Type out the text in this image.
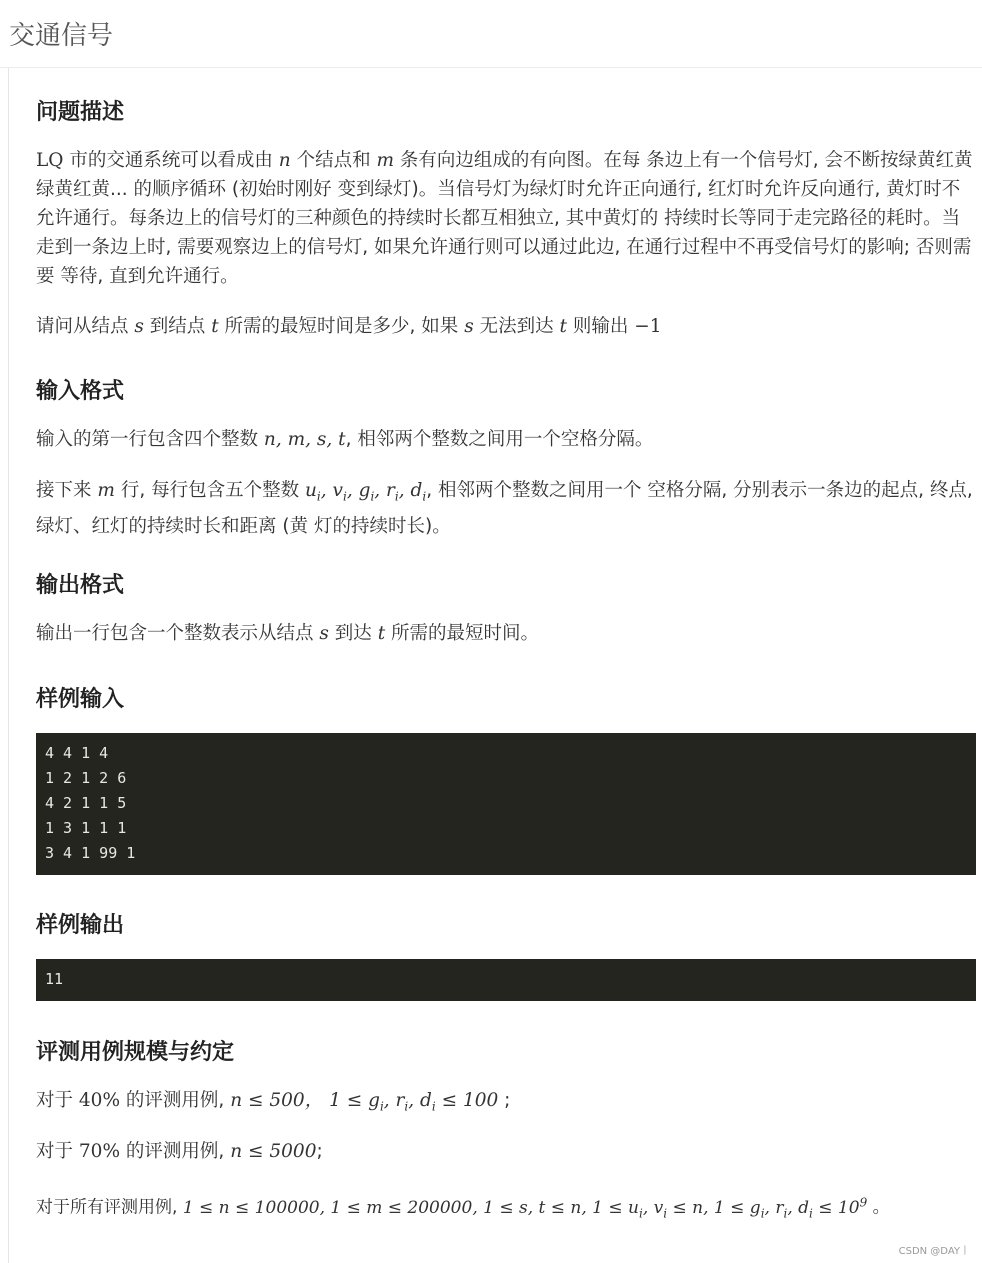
交通信号
问题描述

LQ 市的交通系统可以看成由 n 个结点和 m 条有向边组成的有向图。在每 条边上有一个信号灯, 会不断按绿黄红黄绿黄红黄... 的顺序循环 (初始时刚好 变到绿灯)。当信号灯为绿灯时允许正向通行, 红灯时允许反向通行, 黄灯时不 允许通行。每条边上的信号灯的三种颜色的持续时长都互相独立, 其中黄灯的 持续时长等同于走完路径的耗时。当走到一条边上时, 需要观察边上的信号灯, 如果允许通行则可以通过此边, 在通行过程中不再受信号灯的影响; 否则需要 等待, 直到允许通行。

请问从结点 s 到结点 t 所需的最短时间是多少, 如果 s 无法到达 t 则输出 −1

输入格式

输入的第一行包含四个整数 n, m, s, t, 相邻两个整数之间用一个空格分隔。

接下来 m 行, 每行包含五个整数 $u_i$, $v_i$, $g_i$, $r_i$, $d_i$, 相邻两个整数之间用一个 空格分隔, 分别表示一条边的起点, 终点, 绿灯、红灯的持续时长和距离 (黄 灯的持续时长)。

输出格式

输出一行包含一个整数表示从结点 s 到达 t 所需的最短时间。

样例输入
4 4 1 4
1 2 1 2 6
4 2 1 1 5
1 3 1 1 1
3 4 1 99 1
样例输出
11
评测用例规模与约定

对于 40% 的评测用例, n ≤ 500， $1 \le g_i$, $r_i$, $d_i \le 100$ ;

对于 70% 的评测用例, n ≤ 5000;

对于所有评测用例, 1 ≤ n ≤ 100000, 1 ≤ m ≤ 200000, 1 ≤ s, t ≤ n, $1 \le u_i$, $v_i \le n$, $1 \le g_i$, $r_i$, $d_i \le 10^9$ 。

CSDN @DAY丨
